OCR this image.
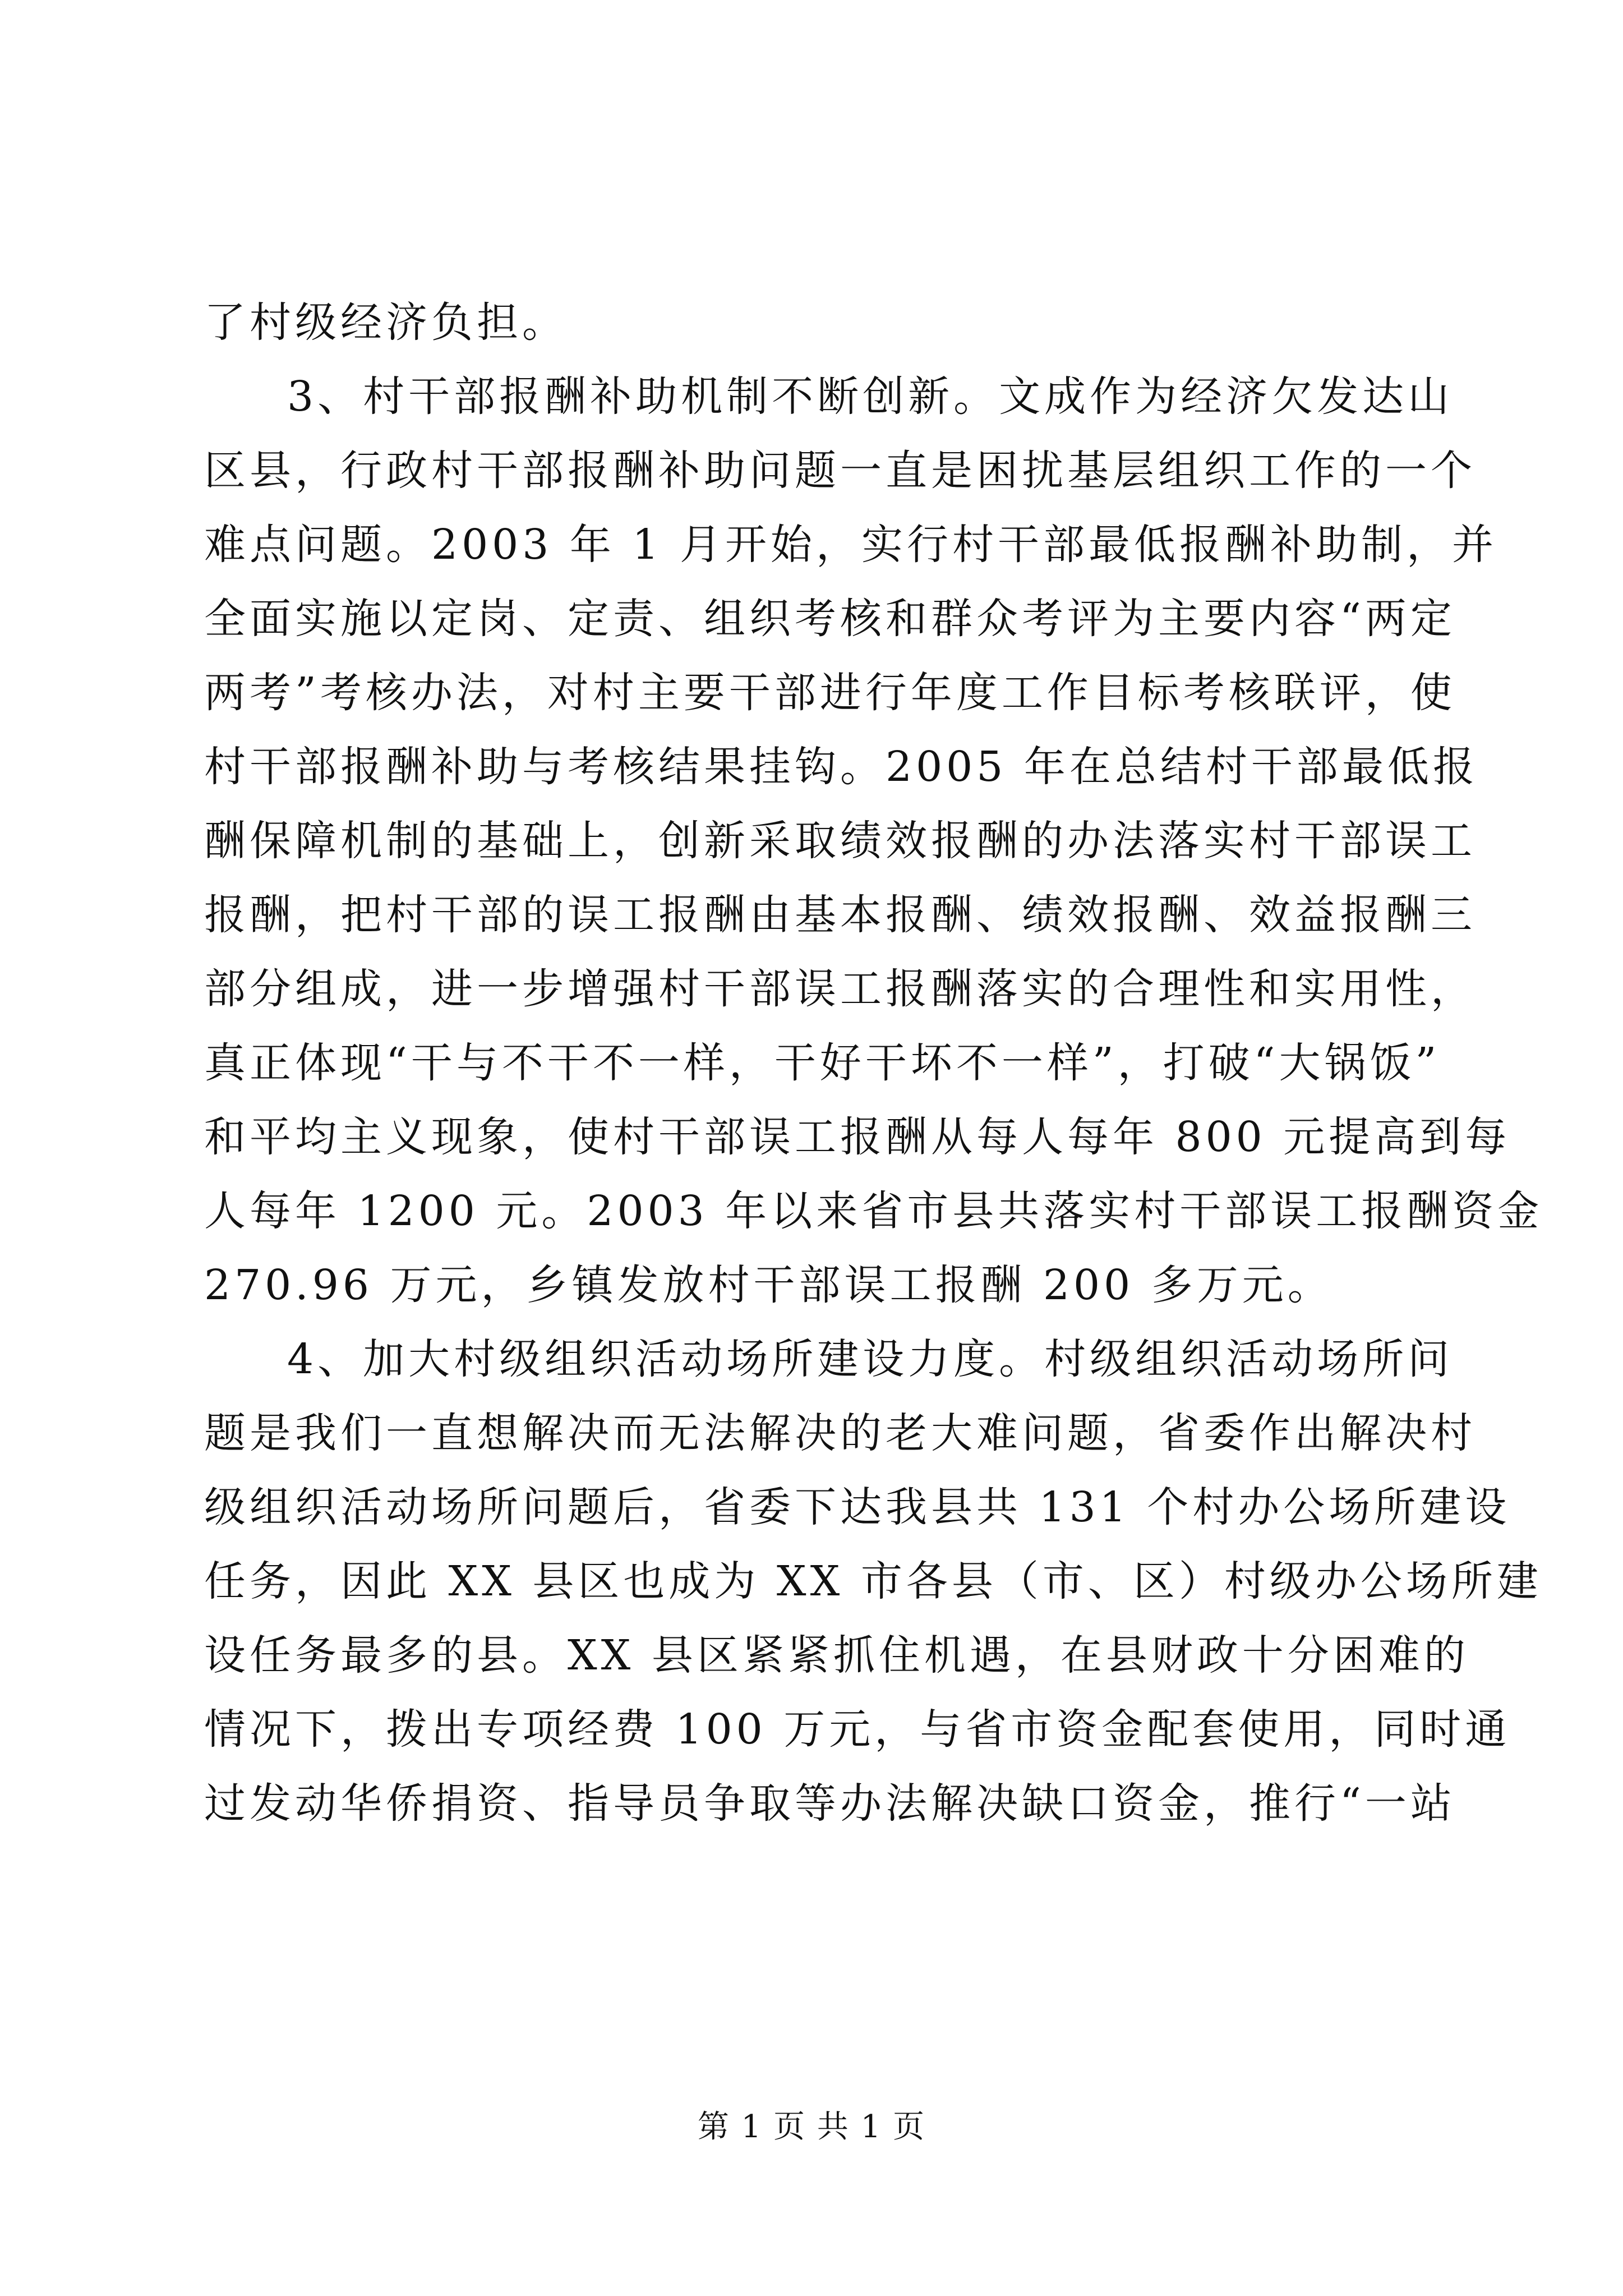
了村级经济负担。
3、村干部报酬补助机制不断创新。文成作为经济欠发达山
区县，行政村干部报酬补助问题一直是困扰基层组织工作的一个
难点问题。2003 年 1 月开始，实行村干部最低报酬补助制，并
全面实施以定岗、定责、组织考核和群众考评为主要内容“两定
两考”考核办法，对村主要干部进行年度工作目标考核联评，使
村干部报酬补助与考核结果挂钩。2005 年在总结村干部最低报
酬保障机制的基础上，创新采取绩效报酬的办法落实村干部误工
报酬，把村干部的误工报酬由基本报酬、绩效报酬、效益报酬三
部分组成，进一步增强村干部误工报酬落实的合理性和实用性，
真正体现“干与不干不一样，干好干坏不一样”，打破“大锅饭”
和平均主义现象，使村干部误工报酬从每人每年 800 元提高到每
人每年 1200 元。2003 年以来省市县共落实村干部误工报酬资金
270.96 万元，乡镇发放村干部误工报酬 200 多万元。
4、加大村级组织活动场所建设力度。村级组织活动场所问
题是我们一直想解决而无法解决的老大难问题，省委作出解决村
级组织活动场所问题后，省委下达我县共 131 个村办公场所建设
任务，因此 XX 县区也成为 XX 市各县（市、区）村级办公场所建
设任务最多的县。XX 县区紧紧抓住机遇，在县财政十分困难的
情况下，拨出专项经费 100 万元，与省市资金配套使用，同时通
过发动华侨捐资、指导员争取等办法解决缺口资金，推行“一站
第 1 页 共 1 页
